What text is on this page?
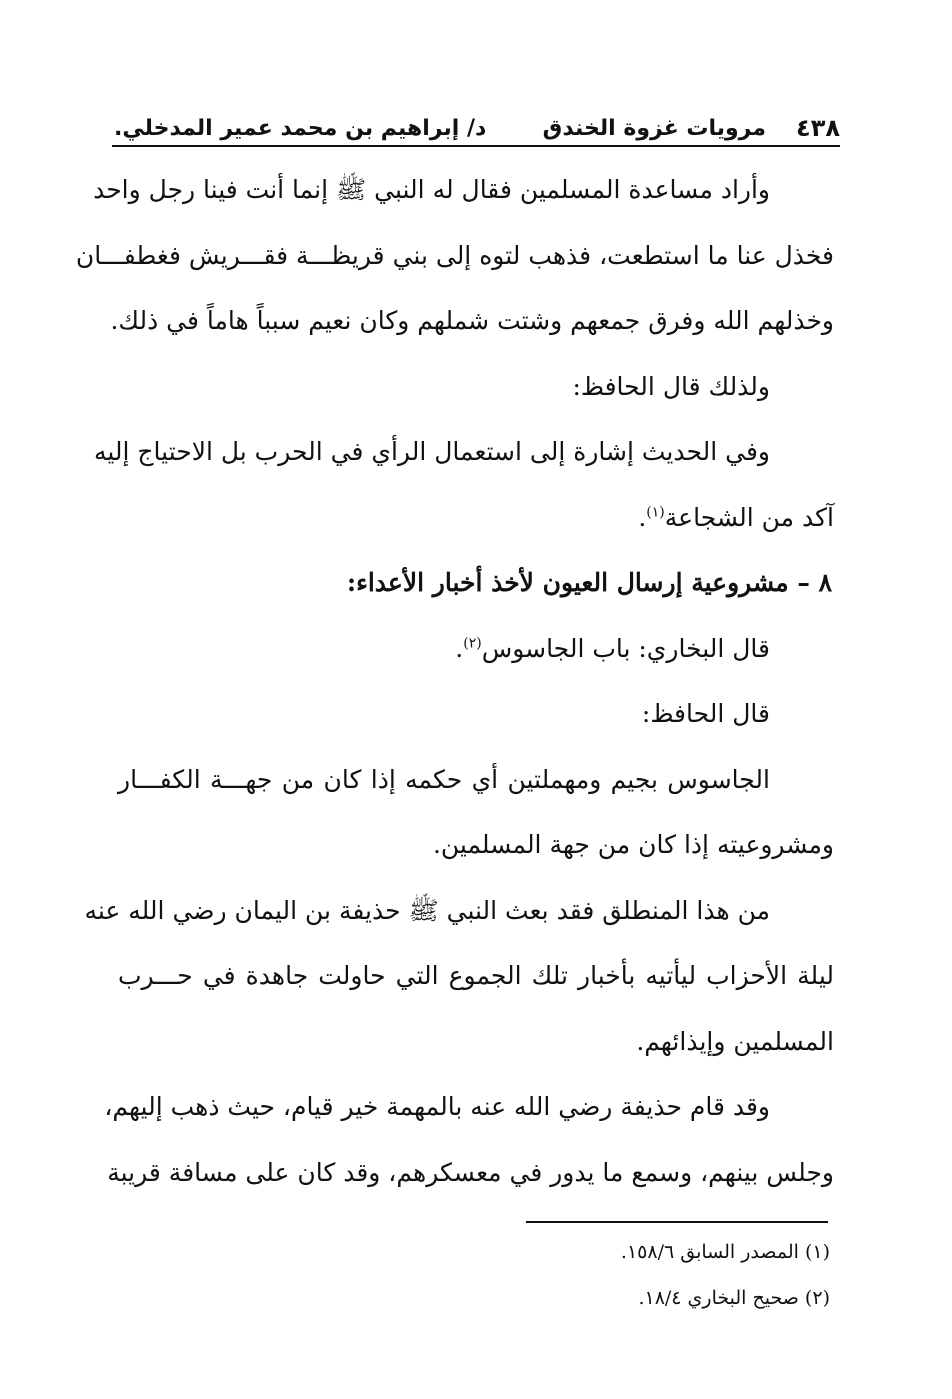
٤٣٨
مرويات غزوة الخندق
د/ إبراهيم بن محمد عمير المدخلي.
وأراد مساعدة المسلمين فقال له النبي ﷺ إنما أنت فينا رجل واحد
فخذل عنا ما استطعت، فذهب لتوه إلى بني قريظـــة فقـــريش فغطفـــان
وخذلهم الله وفرق جمعهم وشتت شملهم وكان نعيم سبباً هاماً في ذلك.
ولذلك قال الحافظ:
وفي الحديث إشارة إلى استعمال الرأي في الحرب بل الاحتياج إليه
آكد من الشجاعة$^{(١)}$.
٨ – مشروعية إرسال العيون لأخذ أخبار الأعداء:
قال البخاري: باب الجاسوس$^{(٢)}$.
قال الحافظ:
الجاسوس بجيم ومهملتين أي حكمه إذا كان من جهـــة الكفـــار
ومشروعيته إذا كان من جهة المسلمين.
من هذا المنطلق فقد بعث النبي ﷺ حذيفة بن اليمان رضي الله عنه
ليلة الأحزاب ليأتيه بأخبار تلك الجموع التي حاولت جاهدة في حـــرب
المسلمين وإيذائهم.
وقد قام حذيفة رضي الله عنه بالمهمة خير قيام، حيث ذهب إليهم،
وجلس بينهم، وسمع ما يدور في معسكرهم، وقد كان على مسافة قريبة
(١) المصدر السابق ١٥٨/٦.
(٢) صحيح البخاري ١٨/٤.
